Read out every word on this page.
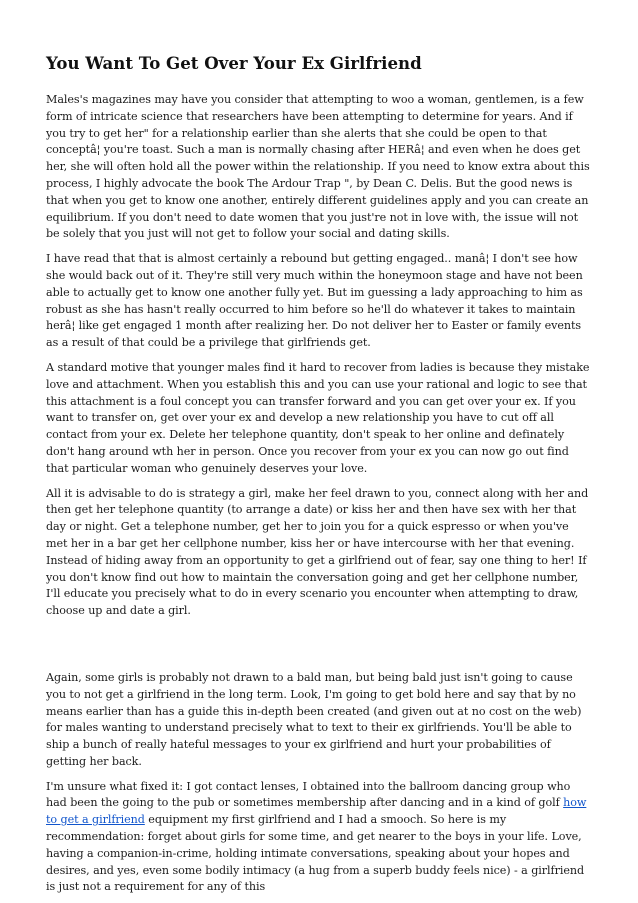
You Want To Get Over Your Ex Girlfriend

Males's magazines may have you consider that attempting to woo a woman, gentlemen, is a few form of intricate science that researchers have been attempting to determine for years. And if you try to get her" for a relationship earlier than she alerts that she could be open to that conceptâ¦ you're toast. Such a man is normally chasing after HERâ¦ and even when he does get her, she will often hold all the power within the relationship. If you need to know extra about this process, I highly advocate the book The Ardour Trap ", by Dean C. Delis. But the good news is that when you get to know one another, entirely different guidelines apply and you can create an equilibrium. If you don't need to date women that you just're not in love with, the issue will not be solely that you just will not get to follow your social and dating skills.

I have read that that is almost certainly a rebound but getting engaged.. manâ¦ I don't see how she would back out of it. They're still very much within the honeymoon stage and have not been able to actually get to know one another fully yet. But im guessing a lady approaching to him as robust as she has hasn't really occurred to him before so he'll do whatever it takes to maintain herâ¦ like get engaged 1 month after realizing her. Do not deliver her to Easter or family events as a result of that could be a privilege that girlfriends get.

A standard motive that younger males find it hard to recover from ladies is because they mistake love and attachment. When you establish this and you can use your rational and logic to see that this attachment is a foul concept you can transfer forward and you can get over your ex. If you want to transfer on, get over your ex and develop a new relationship you have to cut off all contact from your ex. Delete her telephone quantity, don't speak to her online and definately don't hang around wth her in person. Once you recover from your ex you can now go out find that particular woman who genuinely deserves your love.

All it is advisable to do is strategy a girl, make her feel drawn to you, connect along with her and then get her telephone quantity (to arrange a date) or kiss her and then have sex with her that day or night. Get a telephone number, get her to join you for a quick espresso or when you've met her in a bar get her cellphone number, kiss her or have intercourse with her that evening. Instead of hiding away from an opportunity to get a girlfriend out of fear, say one thing to her! If you don't know find out how to maintain the conversation going and get her cellphone number, I'll educate you precisely what to do in every scenario you encounter when attempting to draw, choose up and date a girl.

Again, some girls is probably not drawn to a bald man, but being bald just isn't going to cause you to not get a girlfriend in the long term. Look, I'm going to get bold here and say that by no means earlier than has a guide this in-depth been created (and given out at no cost on the web) for males wanting to understand precisely what to text to their ex girlfriends. You'll be able to ship a bunch of really hateful messages to your ex girlfriend and hurt your probabilities of getting her back.

I'm unsure what fixed it: I got contact lenses, I obtained into the ballroom dancing group who had been the going to the pub or sometimes membership after dancing and in a kind of golf how to get a girlfriend equipment my first girlfriend and I had a smooch. So here is my recommendation: forget about girls for some time, and get nearer to the boys in your life. Love, having a companion-in-crime, holding intimate conversations, speaking about your hopes and desires, and yes, even some bodily intimacy (a hug from a superb buddy feels nice) - a girlfriend is just not a requirement for any of this
